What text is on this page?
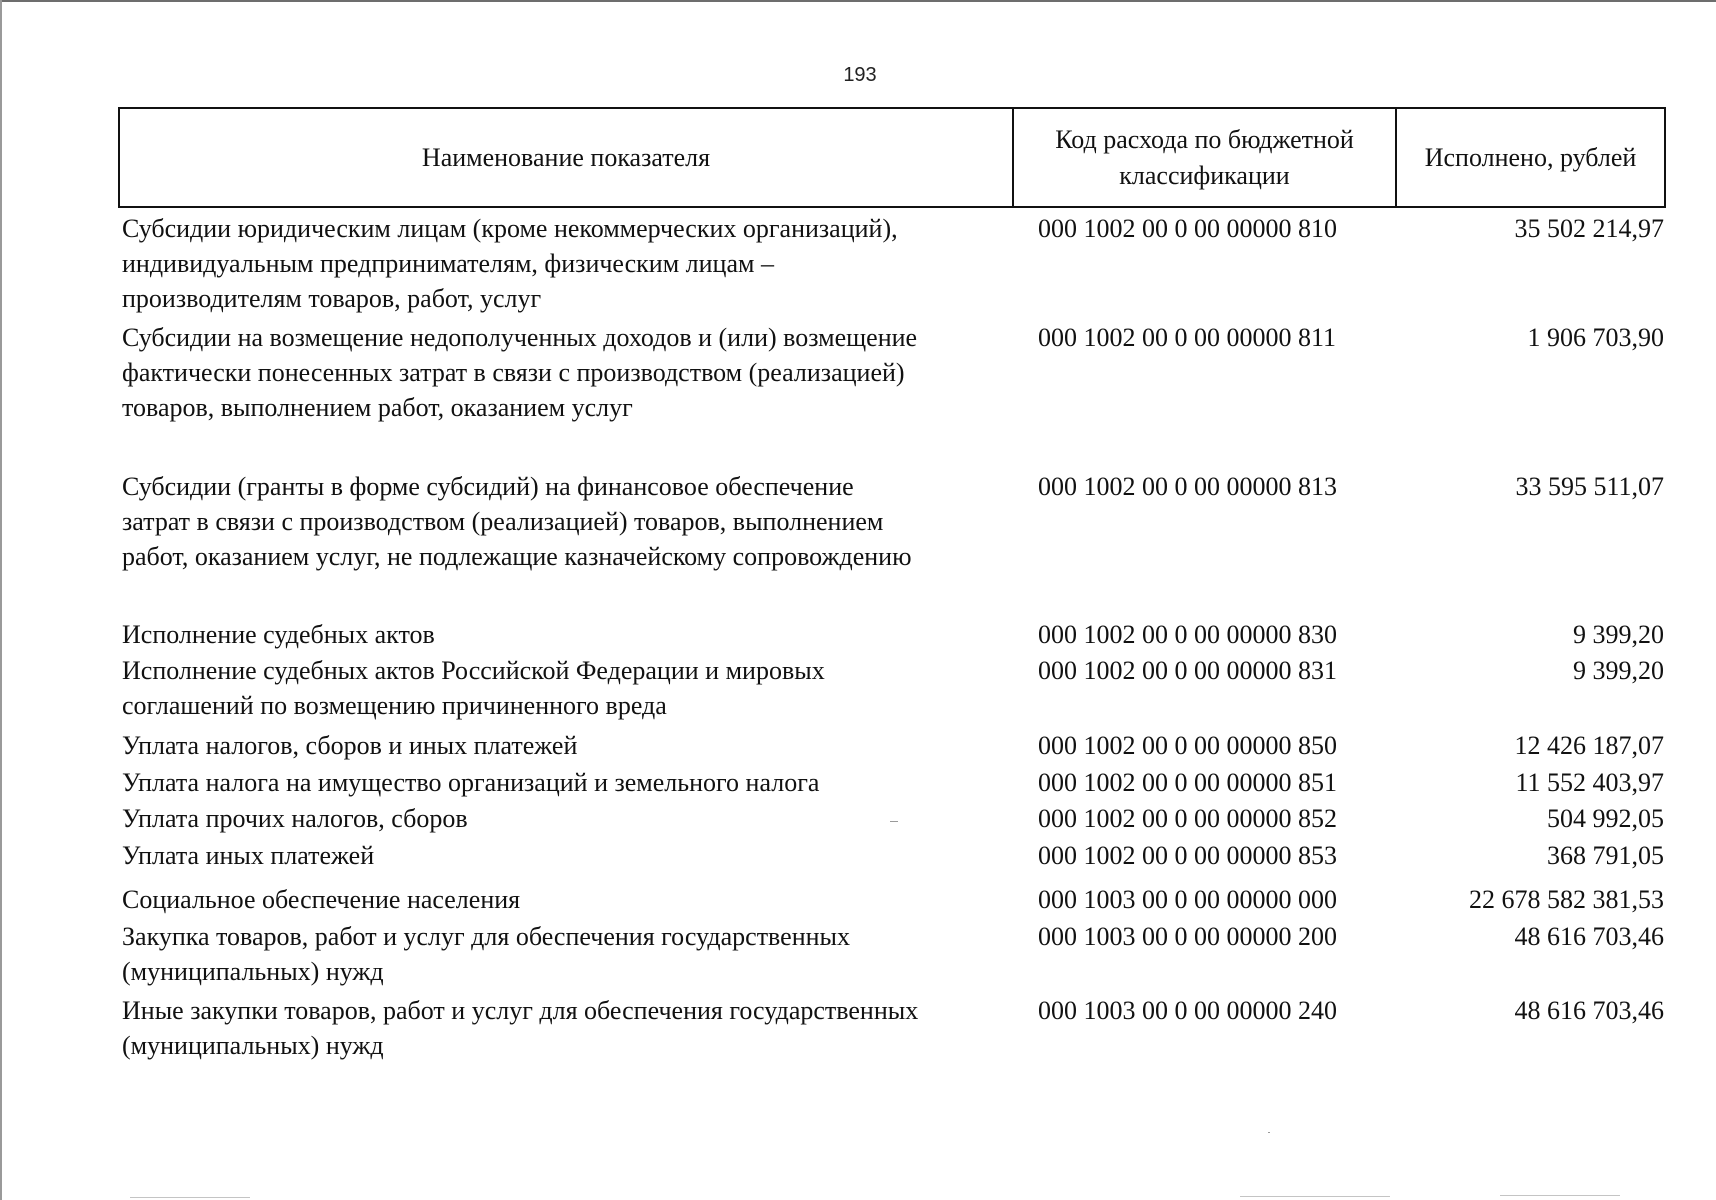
193
Наименование показателя
Код расхода по бюджетной классификации
Исполнено, рублей
Субсидии юридическим лицам (кроме некоммерческих организаций),
индивидуальным предпринимателям, физическим лицам –
производителям товаров, работ, услуг
000 1002 00 0 00 00000 810	35 502 214,97
Субсидии на возмещение недополученных доходов и (или) возмещение
фактически понесенных затрат в связи с производством (реализацией)
товаров, выполнением работ, оказанием услуг
000 1002 00 0 00 00000 811	1 906 703,90
Субсидии (гранты в форме субсидий) на финансовое обеспечение
затрат в связи с производством (реализацией) товаров, выполнением
работ, оказанием услуг, не подлежащие казначейскому сопровождению
000 1002 00 0 00 00000 813	33 595 511,07
Исполнение судебных актов	000 1002 00 0 00 00000 830	9 399,20
Исполнение судебных актов Российской Федерации и мировых
соглашений по возмещению причиненного вреда
000 1002 00 0 00 00000 831	9 399,20
Уплата налогов, сборов и иных платежей	000 1002 00 0 00 00000 850	12 426 187,07
Уплата налога на имущество организаций и земельного налога	000 1002 00 0 00 00000 851	11 552 403,97
Уплата прочих налогов, сборов	000 1002 00 0 00 00000 852	504 992,05
Уплата иных платежей	000 1002 00 0 00 00000 853	368 791,05
Социальное обеспечение населения	000 1003 00 0 00 00000 000	22 678 582 381,53
Закупка товаров, работ и услуг для обеспечения государственных
(муниципальных) нужд
000 1003 00 0 00 00000 200	48 616 703,46
Иные закупки товаров, работ и услуг для обеспечения государственных
(муниципальных) нужд
000 1003 00 0 00 00000 240	48 616 703,46
